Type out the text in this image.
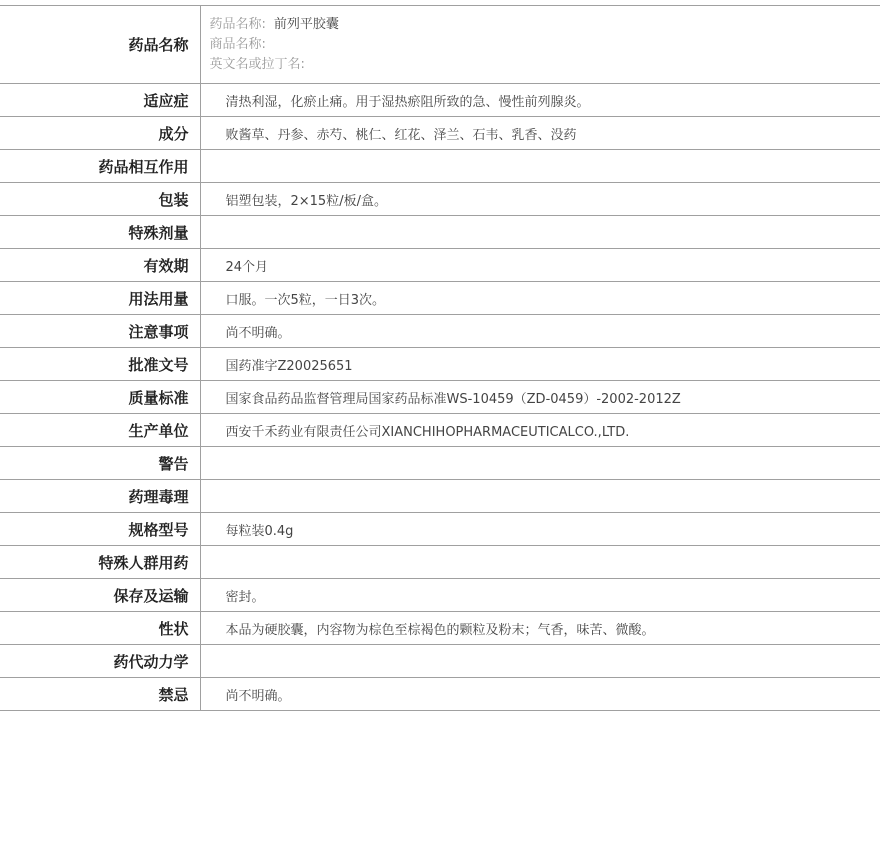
药品名称	药品名称: 前列平胶囊
商品名称:
英文名或拉丁名:

适应症	清热利湿，化瘀止痛。用于湿热瘀阻所致的急、慢性前列腺炎。
成分	败酱草、丹参、赤芍、桃仁、红花、泽兰、石韦、乳香、没药
药品相互作用	
包装	铝塑包装，2×15粒/板/盒。
特殊剂量	
有效期	24个月
用法用量	口服。一次5粒，一日3次。
注意事项	尚不明确。
批准文号	国药准字Z20025651
质量标准	国家食品药品监督管理局国家药品标准WS-10459（ZD-0459）-2002-2012Z
生产单位	西安千禾药业有限责任公司XIANCHIHOPHARMACEUTICALCO.,LTD.
警告	
药理毒理	
规格型号	每粒装0.4g
特殊人群用药	
保存及运输	密封。
性状	本品为硬胶囊，内容物为棕色至棕褐色的颗粒及粉末；气香，味苦、微酸。
药代动力学	
禁忌	尚不明确。
